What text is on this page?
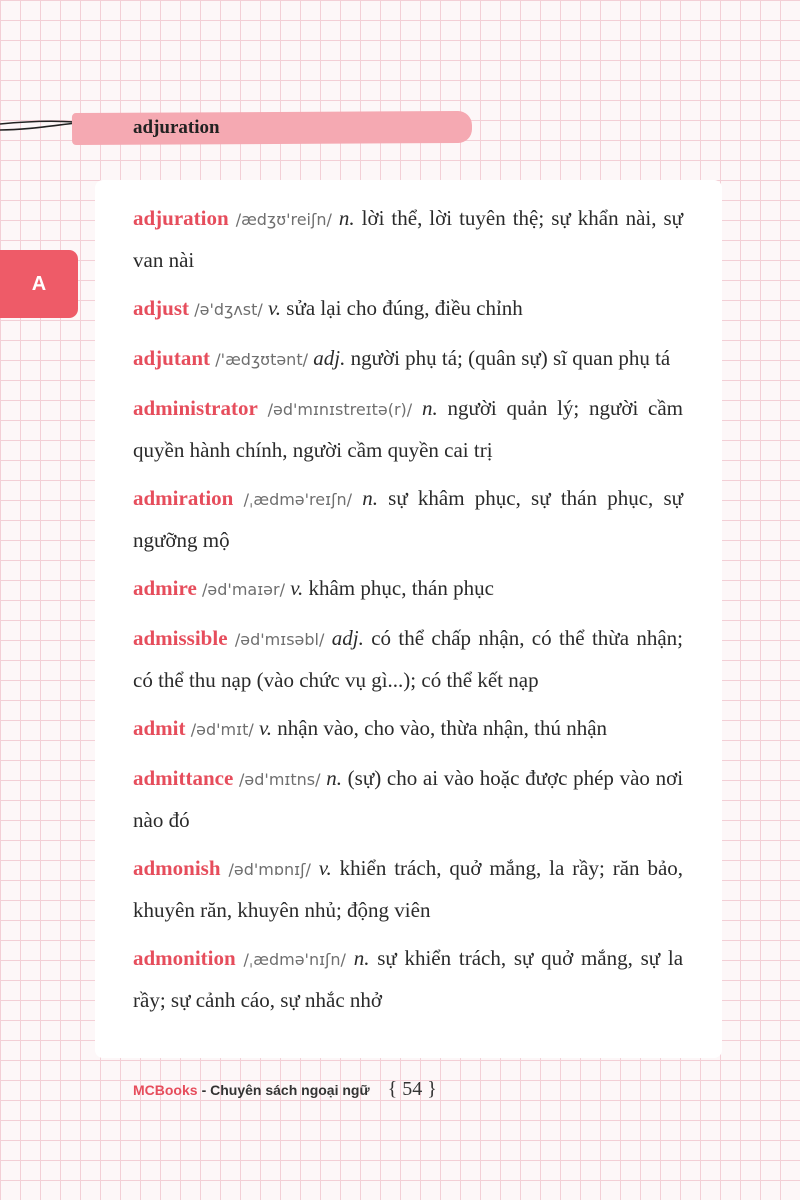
adjuration
A

adjuration /ædʒʊ'reiʃn/ n. lời thể, lời tuyên thệ; sự khẩn nài, sự van nài

adjust /ə'dʒʌst/ v. sửa lại cho đúng, điều chỉnh

adjutant /'ædʒʊtənt/ adj. người phụ tá; (quân sự) sĩ quan phụ tá

administrator /əd'mɪnɪstreɪtə(r)/ n. người quản lý; người cầm quyền hành chính, người cầm quyền cai trị

admiration /ˌædmə'reɪʃn/ n. sự khâm phục, sự thán phục, sự ngưỡng mộ

admire /əd'maɪər/ v. khâm phục, thán phục

admissible /əd'mɪsəbl/ adj. có thể chấp nhận, có thể thừa nhận; có thể thu nạp (vào chức vụ gì...); có thể kết nạp

admit /əd'mɪt/ v. nhận vào, cho vào, thừa nhận, thú nhận

admittance /əd'mɪtns/ n. (sự) cho ai vào hoặc được phép vào nơi nào đó

admonish /əd'mɒnɪʃ/ v. khiển trách, quở mắng, la rầy; răn bảo, khuyên răn, khuyên nhủ; động viên

admonition /ˌædmə'nɪʃn/ n. sự khiển trách, sự quở mắng, sự la rầy; sự cảnh cáo, sự nhắc nhở

MCBooks - Chuyên sách ngoại ngữ { 54 }
